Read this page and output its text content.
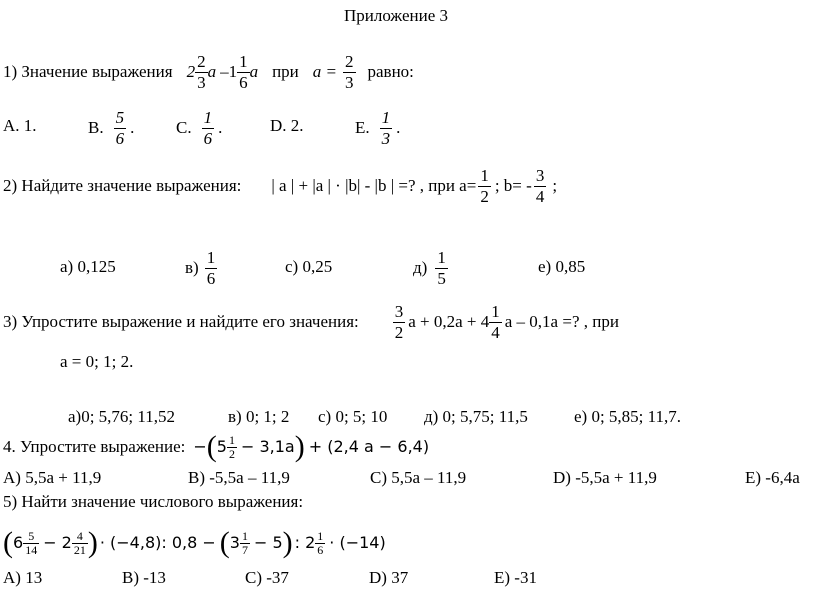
Приложение 3
1) Значение выражения $2 \frac{2}{3}$ a $-1 \frac{1}{6}$ a при $a = \frac{2}{3}$ равно:
A. 1.	B. $\frac{5}{6}$ . C. $\frac{1}{6}$ .	D. 2.	E. $\frac{1}{3}$ .
2) Найдите значение выражения: | a | + |a | · |b| - |b | =? , при $а= \frac{1}{2}$ ; $b= - \frac{3}{4}$ ;
а) 0,125	$в) \frac{1}{6}$	с) 0,25	$д) \frac{1}{5}$	е) 0,85
3) Упростите выражение и найдите его значения: $\frac{3}{2}$ $а + 0,2а + 4 \frac{1}{4}$ а – 0,1а =? , при
а = 0; 1; 2.
а)0; 5,76; 11,52	в) 0; 1; 2 с) 0; 5; 10 д) 0; 5,75; 11,5	е) 0; 5,85; 11,7.
4. Упростите выражение: − ( $5 \frac{1}{2} - 3,1a$ ) + (2,4 a − 6,4)
A) 5,5а + 11,9	B) -5,5а – 11,9	C) 5,5а – 11,9	D) -5,5а + 11,9	E) -6,4а
5) Найти значение числового выражения:
( $6 \frac{5}{14} - 2 \frac{4}{21}$ ) · (−4,8): 0,8 − ( $3 \frac{1}{7} - 5$ ) : $2 \frac{1}{6} \cdot (-14)$
A) 13	B) -13	C) -37	D) 37	E) -31
